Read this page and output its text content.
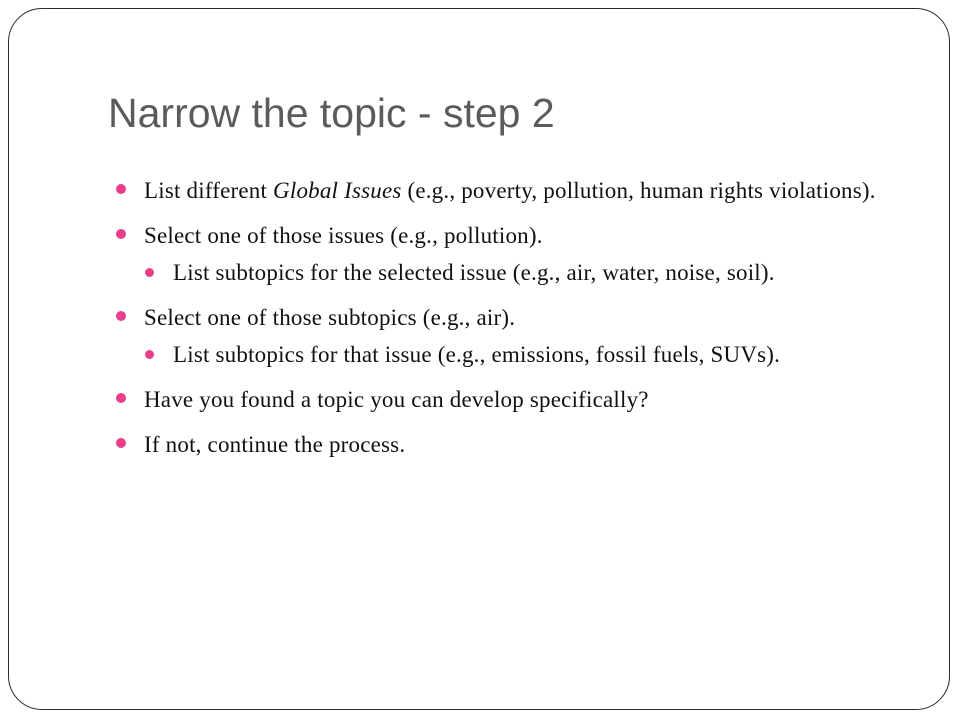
Narrow the topic - step 2
List different Global Issues (e.g., poverty, pollution, human rights violations).
Select one of those issues (e.g., pollution).
List subtopics for the selected issue (e.g., air, water, noise, soil).
Select one of those subtopics (e.g., air).
List subtopics for that issue (e.g., emissions, fossil fuels, SUVs).
Have you found a topic you can develop specifically?
If not, continue the process.
